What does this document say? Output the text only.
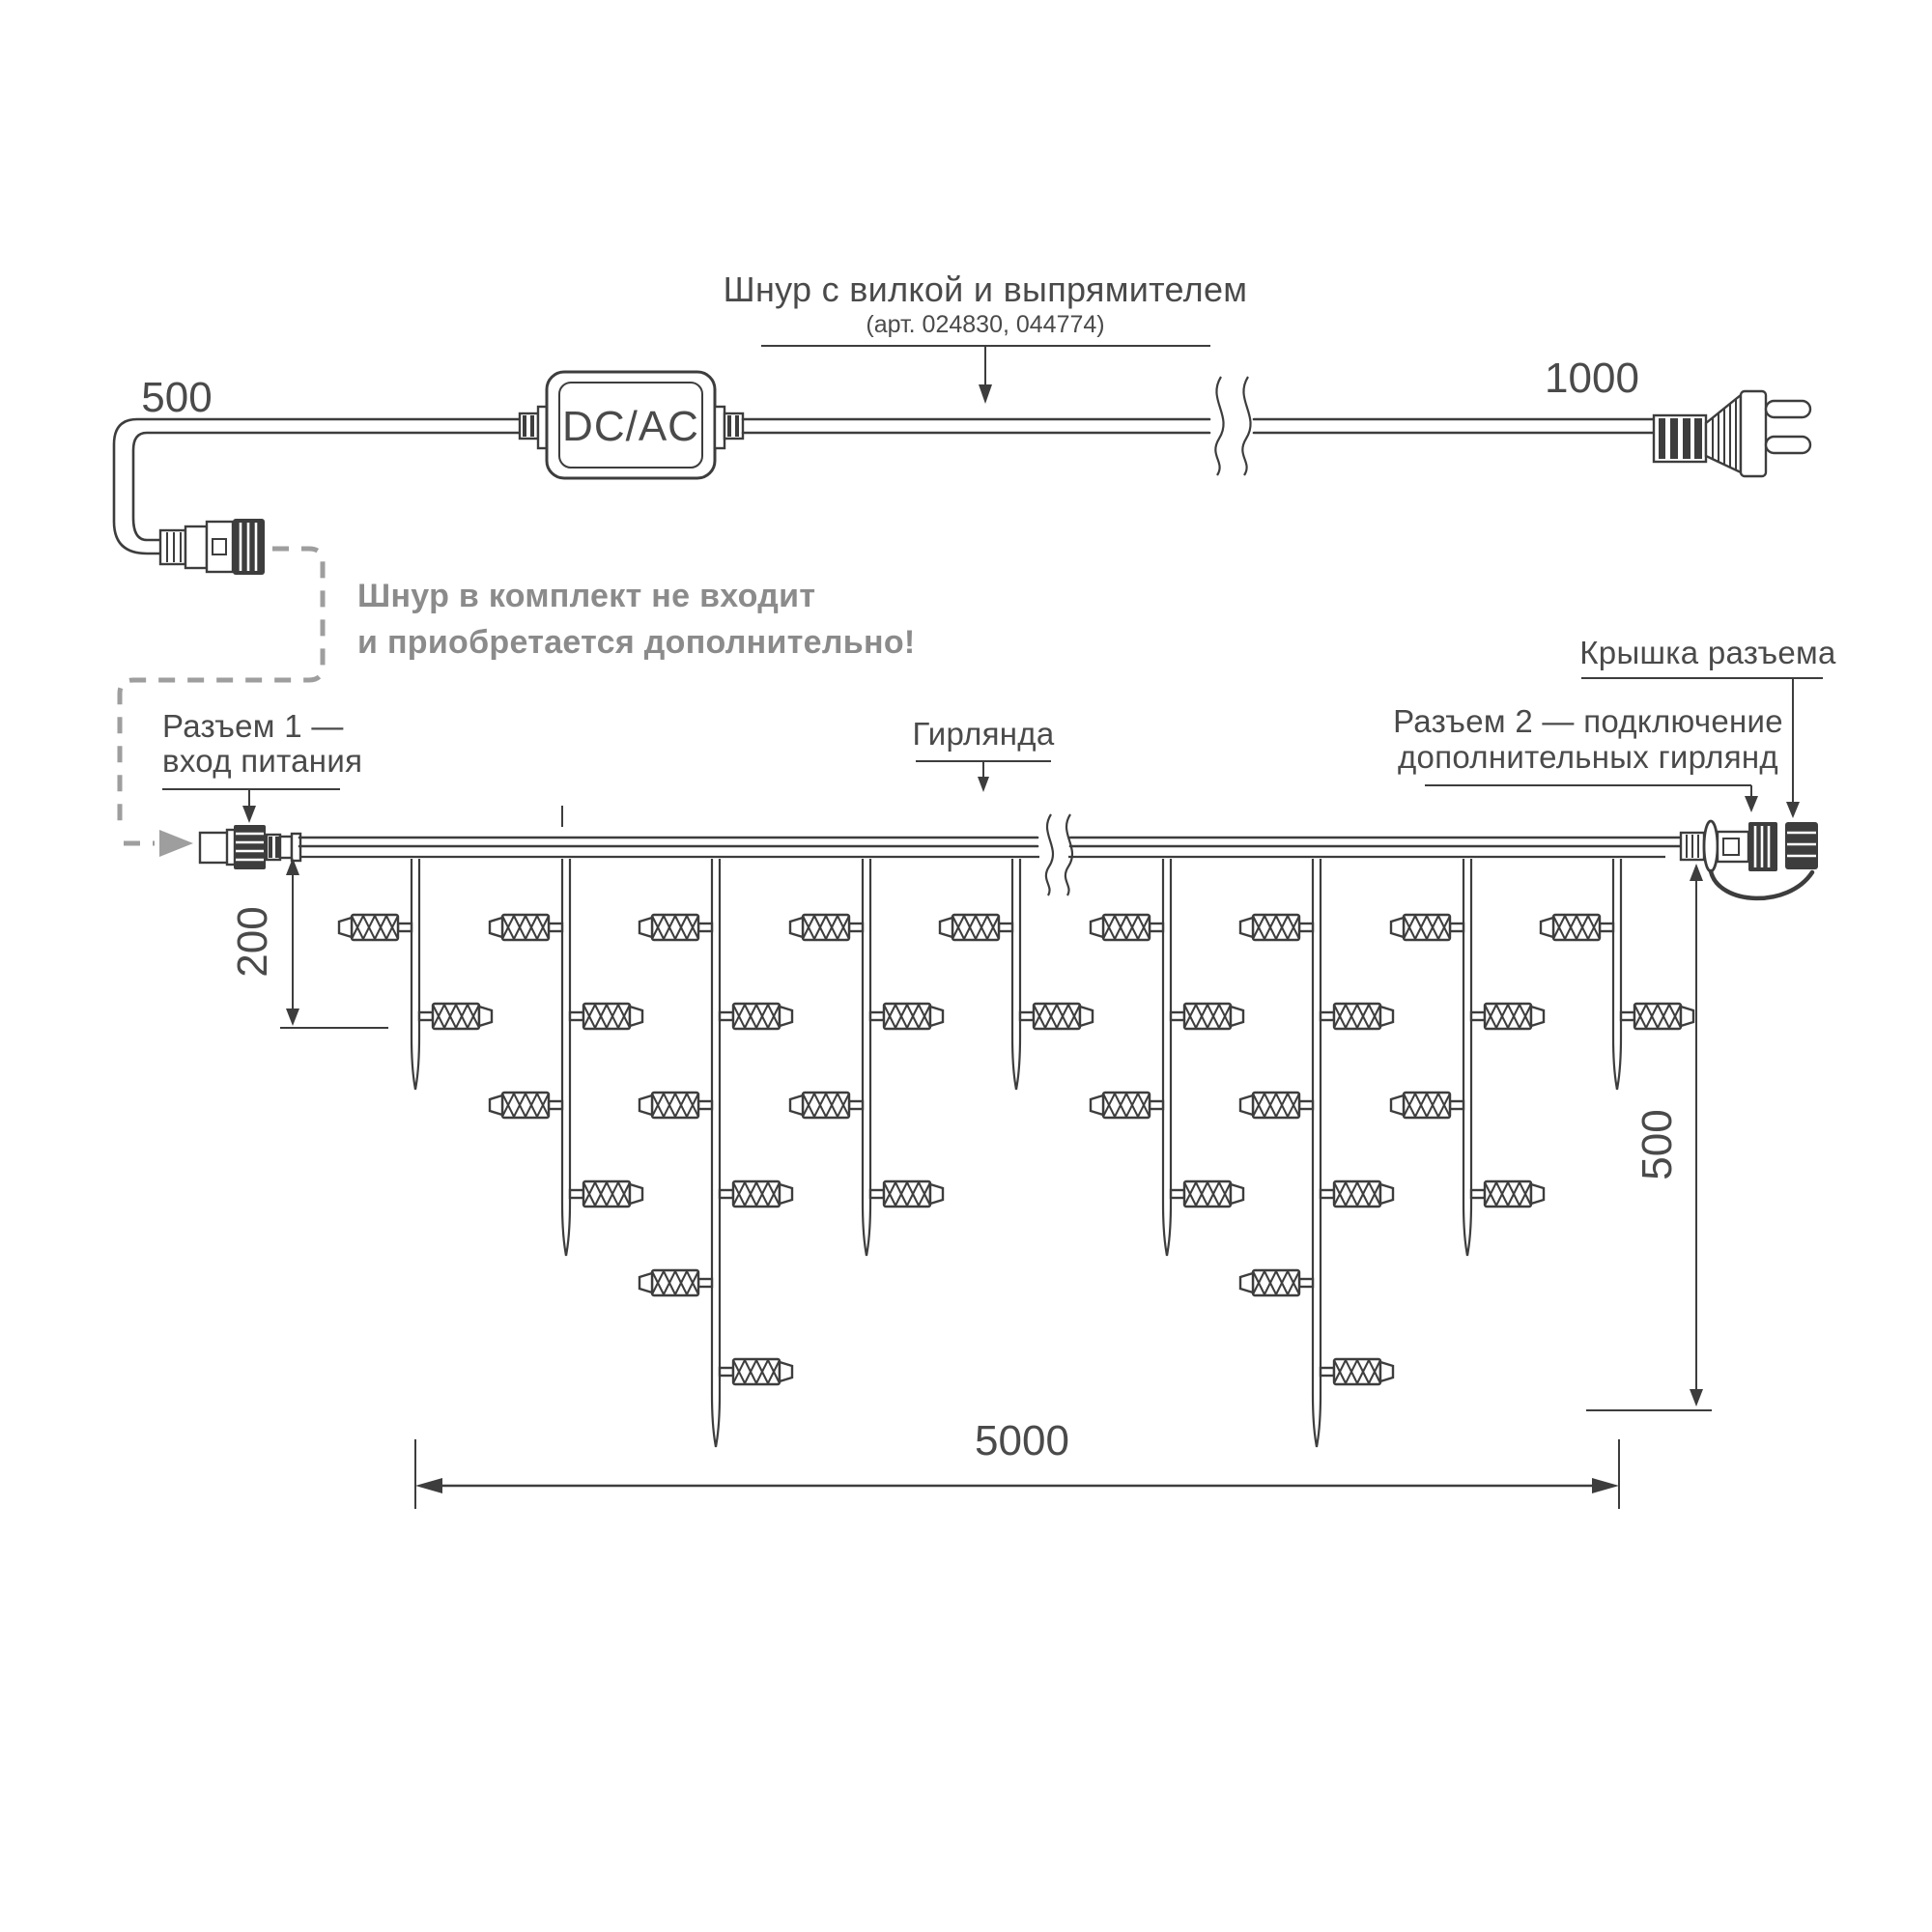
Шнур с вилкой и выпрямителем
(арт. 024830, 044774)
500	1000
Шнур в комплект не входит
и приобретается дополнительно!
DC/AC
Разъем 1 —
вход питания
Гирлянда	Разъем 2 — подключение
дополнительных гирлянд
Крышка разъема
200
500
5000
